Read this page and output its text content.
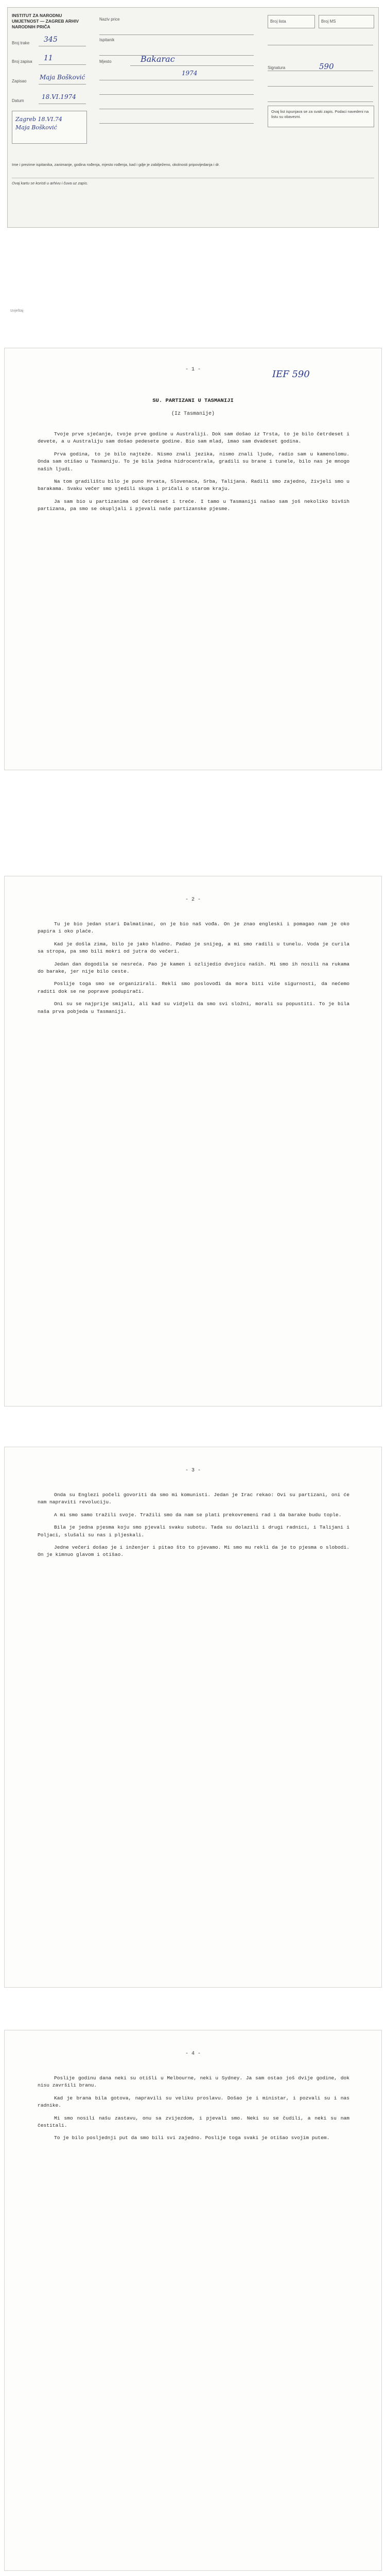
INSTITUT ZA NARODNU UMJETNOST — ZAGREB ARHIV NARODNIH PRIČA
Broj trake 345
Broj zapisa 11
Zapisao
Maja Bošković
Datum
18.VI.1974
Zagreb 18.VI.74
Maja Bošković
Naziv price
Ispitanik
Mjesto	Bakarac
1974
Broj lista	Broj MS
Signatura	590
Ovaj list ispunjava se za svaki zapis. Podaci navedeni na listu su obavezni.
Ime i prezime ispitanika, zanimanje, godina rođenja, mjesto rođenja, kad i gdje je zabilježeno, okolnosti pripovijedanja i dr.
Ovaj kartu se koristi u arhivu i čuva uz zapis.
Izvještaj
- 1 -	IEF 590
SU. PARTIZANI U TASMANIJI
(Iz Tasmanije)

Tvoje prve sjećanje, tvoje prve godine u Australiji. Dok sam došao iz Trsta, to je bilo četrdeset i devete, a u Australiju sam došao pedesete godine. Bio sam mlad, imao sam dvadeset godina.

Prva godina, to je bilo najteže. Nismo znali jezika, nismo znali ljude, radio sam u kamenolomu. Onda sam otišao u Tasmaniju. To je bila jedna hidrocentrala, gradili su brane i tunele, bilo nas je mnogo naših ljudi.

Na tom gradilištu bilo je puno Hrvata, Slovenaca, Srba, Talijana. Radili smo zajedno, živjeli smo u barakama. Svaku večer smo sjedili skupa i pričali o starom kraju.

Ja sam bio u partizanima od četrdeset i treće. I tamo u Tasmaniji našao sam još nekoliko bivših partizana, pa smo se okupljali i pjevali naše partizanske pjesme.

- 2 -

Tu je bio jedan stari Dalmatinac, on je bio naš vođa. On je znao engleski i pomagao nam je oko papira i oko plaće.

Kad je došla zima, bilo je jako hladno. Padao je snijeg, a mi smo radili u tunelu. Voda je curila sa stropa, pa smo bili mokri od jutra do večeri.

Jedan dan dogodila se nesreća. Pao je kamen i ozlijedio dvojicu naših. Mi smo ih nosili na rukama do barake, jer nije bilo ceste.

Poslije toga smo se organizirali. Rekli smo poslovođi da mora biti više sigurnosti, da nećemo raditi dok se ne poprave podupirači.

Oni su se najprije smijali, ali kad su vidjeli da smo svi složni, morali su popustiti. To je bila naša prva pobjeda u Tasmaniji.

- 3 -

Onda su Englezi počeli govoriti da smo mi komunisti. Jedan je Irac rekao: Ovi su partizani, oni će nam napraviti revoluciju.

A mi smo samo tražili svoje. Tražili smo da nam se plati prekovremeni rad i da barake budu tople.

Bila je jedna pjesma koju smo pjevali svaku subotu. Tada su dolazili i drugi radnici, i Talijani i Poljaci, slušali su nas i pljeskali.

Jedne večeri došao je i inženjer i pitao što to pjevamo. Mi smo mu rekli da je to pjesma o slobodi. On je kimnuo glavom i otišao.

- 4 -

Poslije godinu dana neki su otišli u Melbourne, neki u Sydney. Ja sam ostao još dvije godine, dok nisu završili branu.

Kad je brana bila gotova, napravili su veliku proslavu. Došao je i ministar, i pozvali su i nas radnike.

Mi smo nosili našu zastavu, onu sa zvijezdom, i pjevali smo. Neki su se čudili, a neki su nam čestitali.

To je bilo posljednji put da smo bili svi zajedno. Poslije toga svaki je otišao svojim putem.
